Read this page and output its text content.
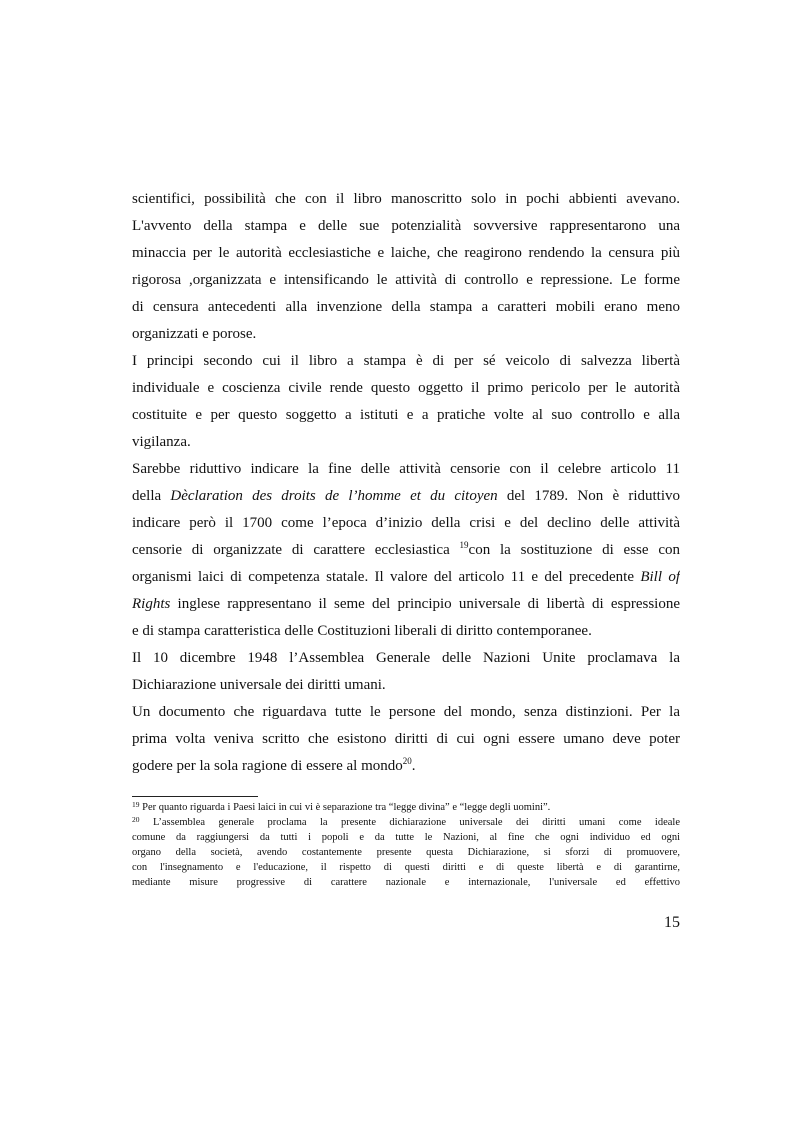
scientifici, possibilità che con il libro manoscritto solo in pochi abbienti avevano.
L'avvento della stampa e delle sue potenzialità sovversive rappresentarono una
minaccia per le autorità ecclesiastiche e laiche, che reagirono rendendo la censura più
rigorosa ,organizzata e intensificando le attività di controllo e repressione. Le forme
di censura antecedenti alla invenzione della stampa a caratteri mobili erano meno
organizzati e porose.
I principi secondo cui il libro a stampa è di per sé veicolo di salvezza libertà
individuale e coscienza civile rende questo oggetto il primo pericolo per le autorità
costituite e per questo soggetto a istituti e a pratiche volte al suo controllo e alla
vigilanza.
Sarebbe riduttivo indicare la fine delle attività censorie con il celebre articolo 11
della Dèclaration des droits de l’homme et du citoyen del 1789. Non è riduttivo
indicare però il 1700 come l’epoca d’inizio della crisi e del declino delle attività
censorie di organizzate di carattere ecclesiastica $^{19}$con la sostituzione di esse con
organismi laici di competenza statale. Il valore del articolo 11 e del precedente Bill of
Rights inglese rappresentano il seme del principio universale di libertà di espressione
e di stampa caratteristica delle Costituzioni liberali di diritto contemporanee.
Il 10 dicembre 1948 l’Assemblea Generale delle Nazioni Unite proclamava la
Dichiarazione universale dei diritti umani.
Un documento che riguardava tutte le persone del mondo, senza distinzioni. Per la
prima volta veniva scritto che esistono diritti di cui ogni essere umano deve poter
godere per la sola ragione di essere al mondo$^{20}$.
$^{19}$ Per quanto riguarda i Paesi laici in cui vi è separazione tra “legge divina” e “legge degli uomini”.
$^{20}$ L’assemblea generale proclama la presente dichiarazione universale dei diritti umani come ideale
comune da raggiungersi da tutti i popoli e da tutte le Nazioni, al fine che ogni individuo ed ogni
organo della società, avendo costantemente presente questa Dichiarazione, si sforzi di promuovere,
con l'insegnamento e l'educazione, il rispetto di questi diritti e di queste libertà e di garantirne,
mediante misure progressive di carattere nazionale e internazionale, l'universale ed effettivo
15
